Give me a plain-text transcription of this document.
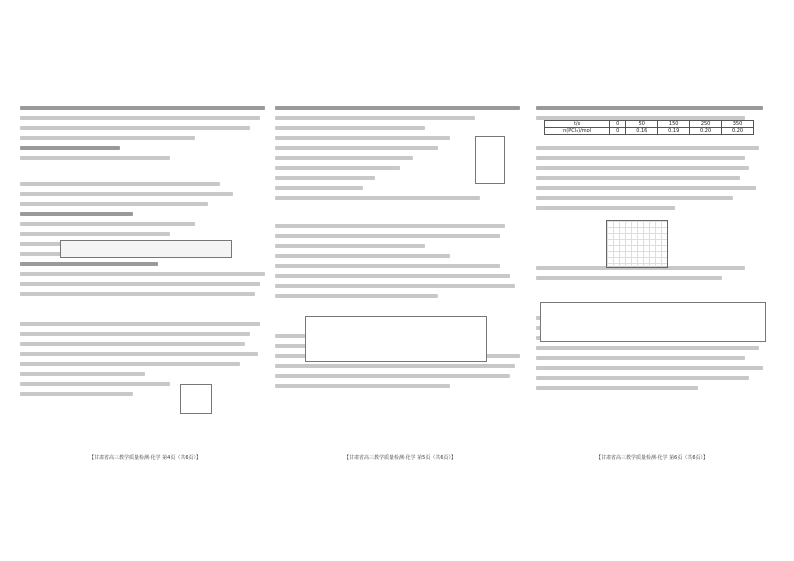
【甘肃省高三教学质量检测·化学 第4页（共6页）】	【甘肃省高三教学质量检测·化学 第5页（共6页）】
t/s	0	50	150	250	350
n(PCl₃)/mol	0	0.16	0.19	0.20	0.20
【甘肃省高三教学质量检测·化学 第6页（共6页）】
